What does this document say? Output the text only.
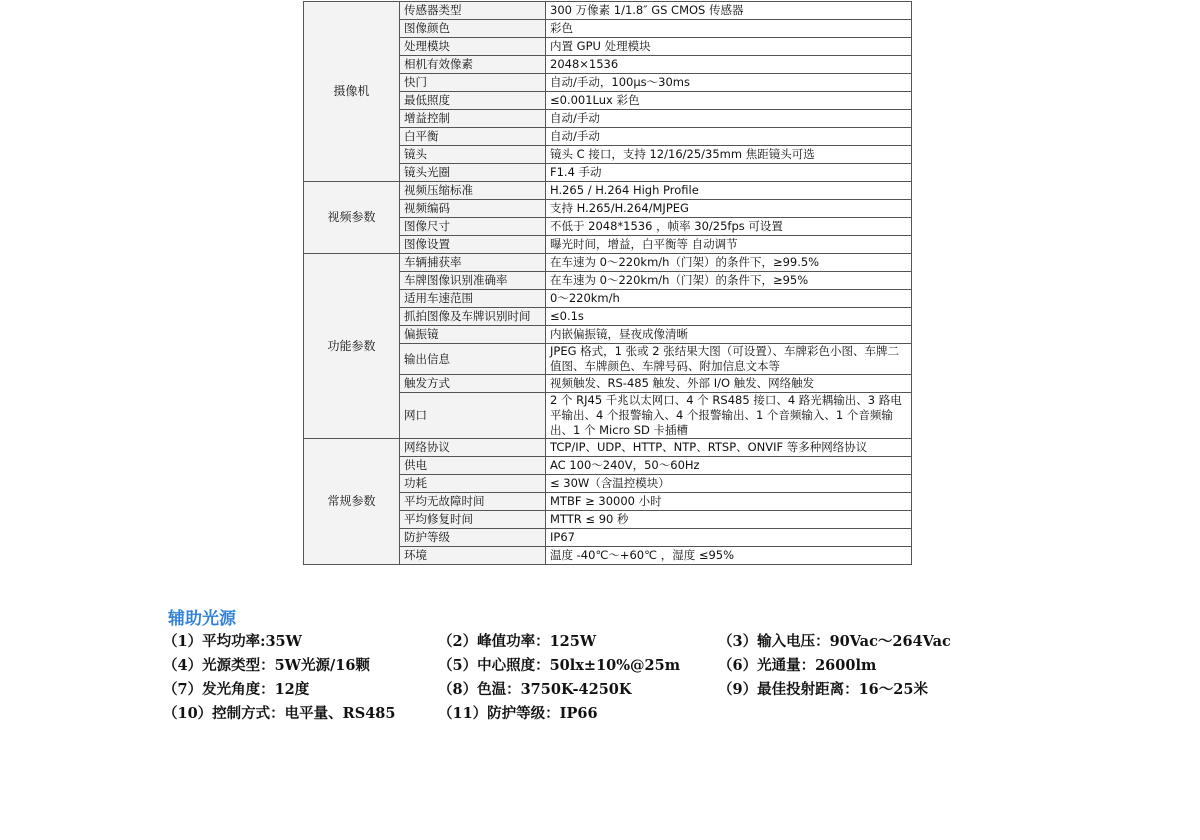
摄像机	传感器类型	300 万像素 1/1.8″ GS CMOS 传感器
	图像颜色	彩色
	处理模块	内置 GPU 处理模块
	相机有效像素	2048×1536
	快门	自动/手动，100μs～30ms
	最低照度	≤0.001Lux 彩色
	增益控制	自动/手动
	白平衡	自动/手动
	镜头	镜头 C 接口，支持 12/16/25/35mm 焦距镜头可选
	镜头光圈	F1.4 手动
视频参数	视频压缩标准	H.265 / H.264 High Profile
	视频编码	支持 H.265/H.264/MJPEG
	图像尺寸	不低于 2048*1536 ，帧率 30/25fps 可设置
	图像设置	曝光时间，增益，白平衡等 自动调节
功能参数	车辆捕获率	在车速为 0～220km/h（门架）的条件下，≥99.5%
	车牌图像识别准确率	在车速为 0～220km/h（门架）的条件下，≥95%
	适用车速范围	0～220km/h
	抓拍图像及车牌识别时间	≤0.1s
	偏振镜	内嵌偏振镜，昼夜成像清晰
	输出信息	JPEG 格式，1 张或 2 张结果大图（可设置）、车牌彩色小图、车牌二值图、车牌颜色、车牌号码、附加信息文本等
	触发方式	视频触发、RS-485 触发、外部 I/O 触发、网络触发
	网口	2 个 RJ45 千兆以太网口、4 个 RS485 接口、4 路光耦输出、3 路电平输出、4 个报警输入、4 个报警输出、1 个音频输入、1 个音频输出、1 个 Micro SD 卡插槽
常规参数	网络协议	TCP/IP、UDP、HTTP、NTP、RTSP、ONVIF 等多种网络协议
	供电	AC 100～240V，50～60Hz
	功耗	≤ 30W（含温控模块）
	平均无故障时间	MTBF ≥ 30000 小时
	平均修复时间	MTTR ≤ 90 秒
	防护等级	IP67
	环境	温度 -40℃～+60℃ ，湿度 ≤95%
辅助光源
（1）平均功率:35W	（2）峰值功率：125W	（3）输入电压：90Vac～264Vac
（4）光源类型：5W光源/16颗	（5）中心照度：50lx±10%@25m	（6）光通量：2600lm
（7）发光角度：12度	（8）色温：3750K-4250K	（9）最佳投射距离：16～25米
（10）控制方式：电平量、RS485	（11）防护等级：IP66
